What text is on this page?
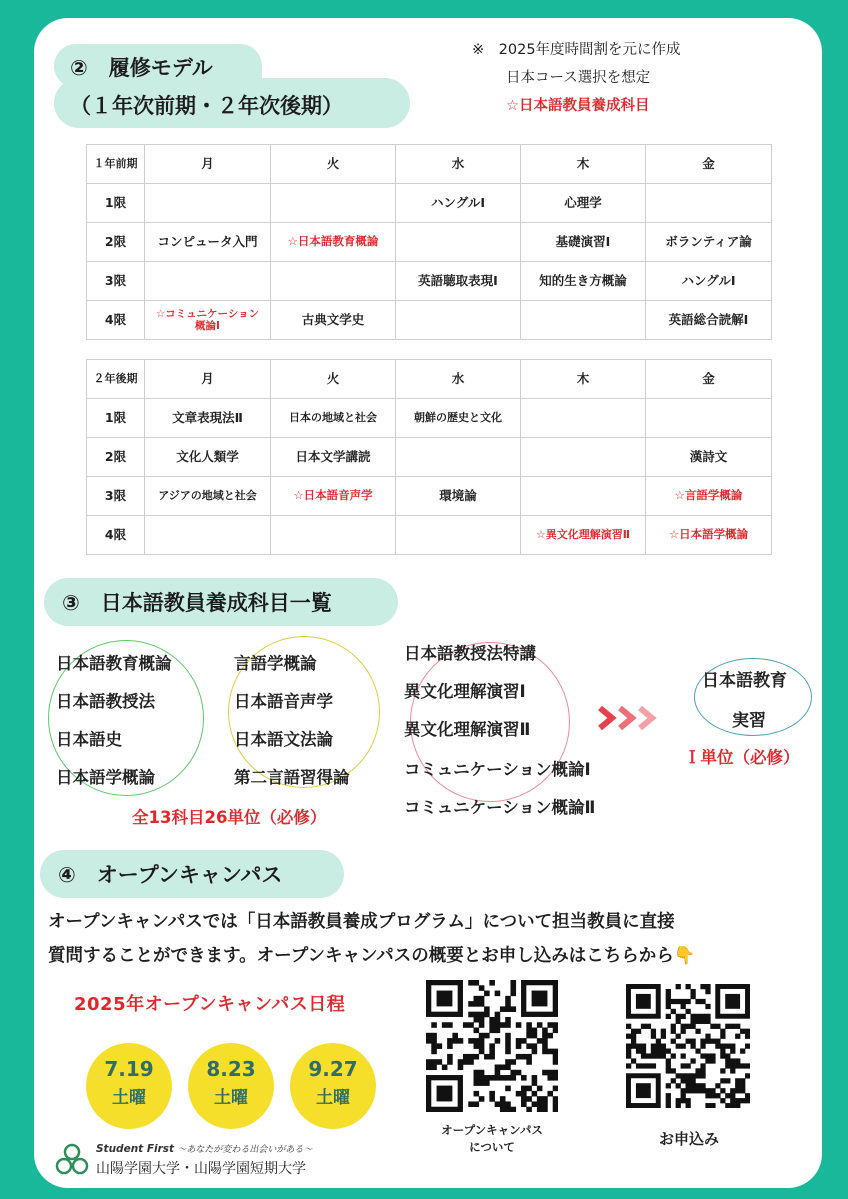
（１年次前期・２年次後期）
②　履修モデル
※　2025年度時間割を元に作成
日本コース選択を想定
☆日本語教員養成科目
１年前期	月	火	水	木	金
1限			ハングルⅠ	心理学	
2限	コンピュータ入門	☆日本語教育概論		基礎演習Ⅰ	ボランティア論
3限			英語聴取表現Ⅰ	知的生き方概論	ハングルⅠ
4限	☆コミュニケーション概論Ⅰ	古典文学史			英語総合読解Ⅰ
２年後期	月	火	水	木	金
1限	文章表現法Ⅱ	日本の地域と社会	朝鮮の歴史と文化		
2限	文化人類学	日本文学講読			漢詩文
3限	アジアの地域と社会	☆日本語音声学	環境論		☆言語学概論
4限				☆異文化理解演習Ⅱ	☆日本語学概論
③　日本語教員養成科目一覧
日本語教育概論
日本語教授法
日本語史
日本語学概論
言語学概論
日本語音声学
日本語文法論
第二言語習得論
日本語教授法特講
異文化理解演習Ⅰ
異文化理解演習Ⅱ
コミュニケーション概論Ⅰ
コミュニケーション概論Ⅱ
全13科目26単位（必修）
日本語教育
実習
Ｉ単位（必修）
④　オープンキャンパス
オープンキャンパスでは「日本語教員養成プログラム」について担当教員に直接
質問することができます。オープンキャンパスの概要とお申し込みはこちらから👇
2025年オープンキャンパス日程
7.19
土曜
8.23
土曜
9.27
土曜
オープンキャンパス
について	お申込み
Student First ～あなたが変わる出会いがある～
山陽学園大学・山陽学園短期大学
